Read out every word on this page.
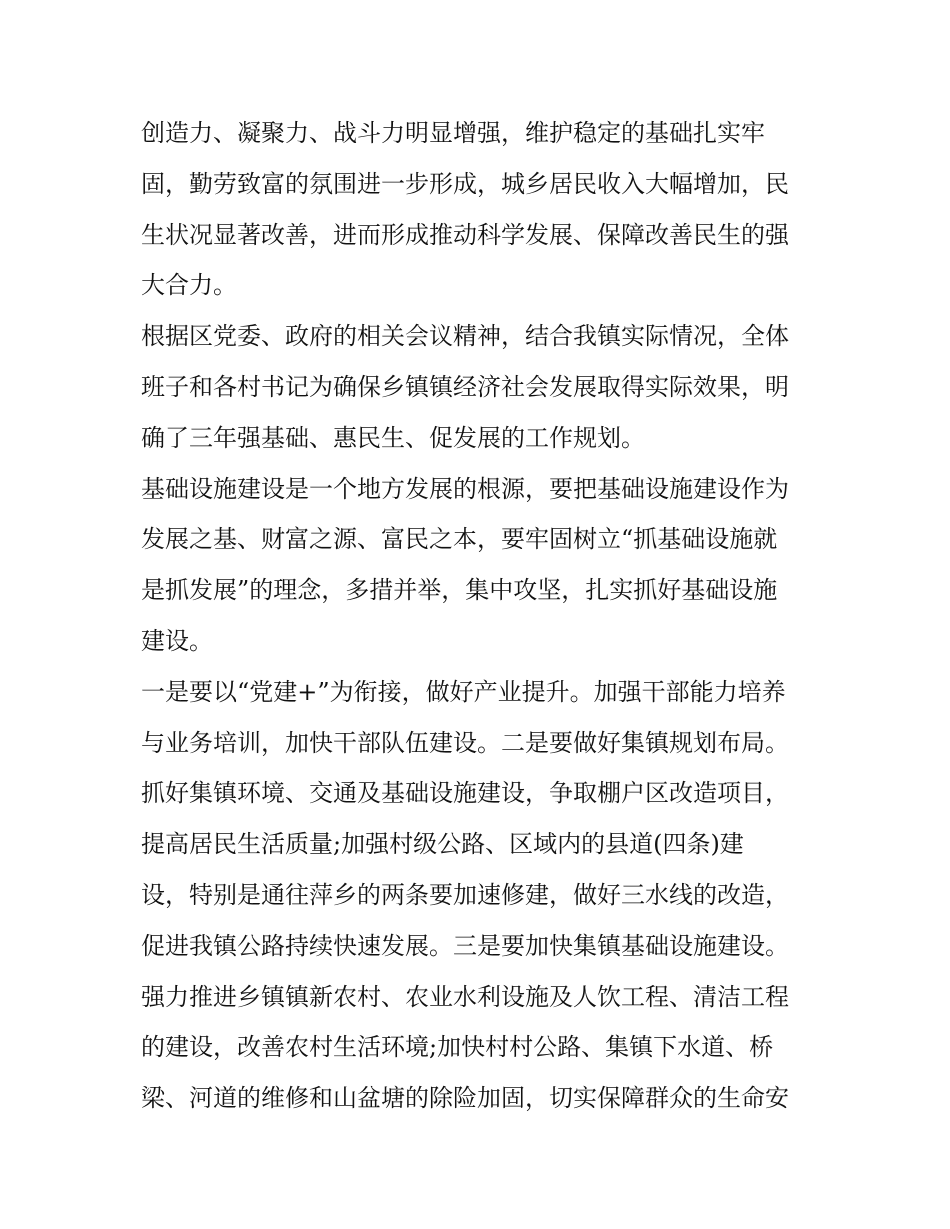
创造力、凝聚力、战斗力明显增强，维护稳定的基础扎实牢
固，勤劳致富的氛围进一步形成，城乡居民收入大幅增加，民
生状况显著改善，进而形成推动科学发展、保障改善民生的强
大合力。
根据区党委、政府的相关会议精神，结合我镇实际情况，全体
班子和各村书记为确保乡镇镇经济社会发展取得实际效果，明
确了三年强基础、惠民生、促发展的工作规划。
基础设施建设是一个地方发展的根源，要把基础设施建设作为
发展之基、财富之源、富民之本，要牢固树立“抓基础设施就
是抓发展”的理念，多措并举，集中攻坚，扎实抓好基础设施
建设。
一是要以“党建+”为衔接，做好产业提升。加强干部能力培养
与业务培训，加快干部队伍建设。二是要做好集镇规划布局。
抓好集镇环境、交通及基础设施建设，争取棚户区改造项目，
提高居民生活质量;加强村级公路、区域内的县道(四条)建
设，特别是通往萍乡的两条要加速修建，做好三水线的改造，
促进我镇公路持续快速发展。三是要加快集镇基础设施建设。
强力推进乡镇镇新农村、农业水利设施及人饮工程、清洁工程
的建设，改善农村生活环境;加快村村公路、集镇下水道、桥
梁、河道的维修和山盆塘的除险加固，切实保障群众的生命安
